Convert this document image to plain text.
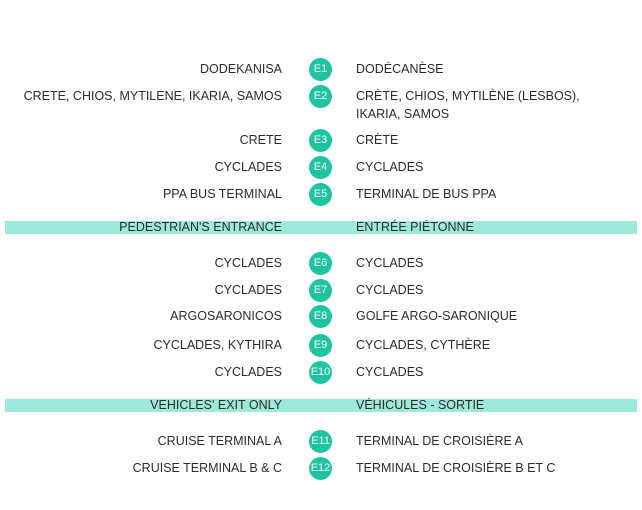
DODEKANISA	E1	DODÉCANÈSE
CRETE, CHIOS, MYTILENE, IKARIA, SAMOS	E2	CRÈTE, CHIOS, MYTILÈNE (LESBOS), IKARIA, SAMOS
CRETE	E3	CRÈTE
CYCLADES	E4	CYCLADES
PPA BUS TERMINAL	E5	TERMINAL DE BUS PPA
PEDESTRIAN'S ENTRANCE	ENTRÉE PIÉTONNE
CYCLADES	E6	CYCLADES
CYCLADES	E7	CYCLADES
ARGOSARONICOS	E8	GOLFE ARGO-SARONIQUE
CYCLADES, KYTHIRA	E9	CYCLADES, CYTHÈRE
CYCLADES	E10 CYCLADES
VEHICLES' EXIT ONLY	VÉHICULES - SORTIE
CRUISE TERMINAL A	E11 TERMINAL DE CROISIÈRE A
CRUISE TERMINAL B & C	E12 TERMINAL DE CROISIÈRE B ET C
